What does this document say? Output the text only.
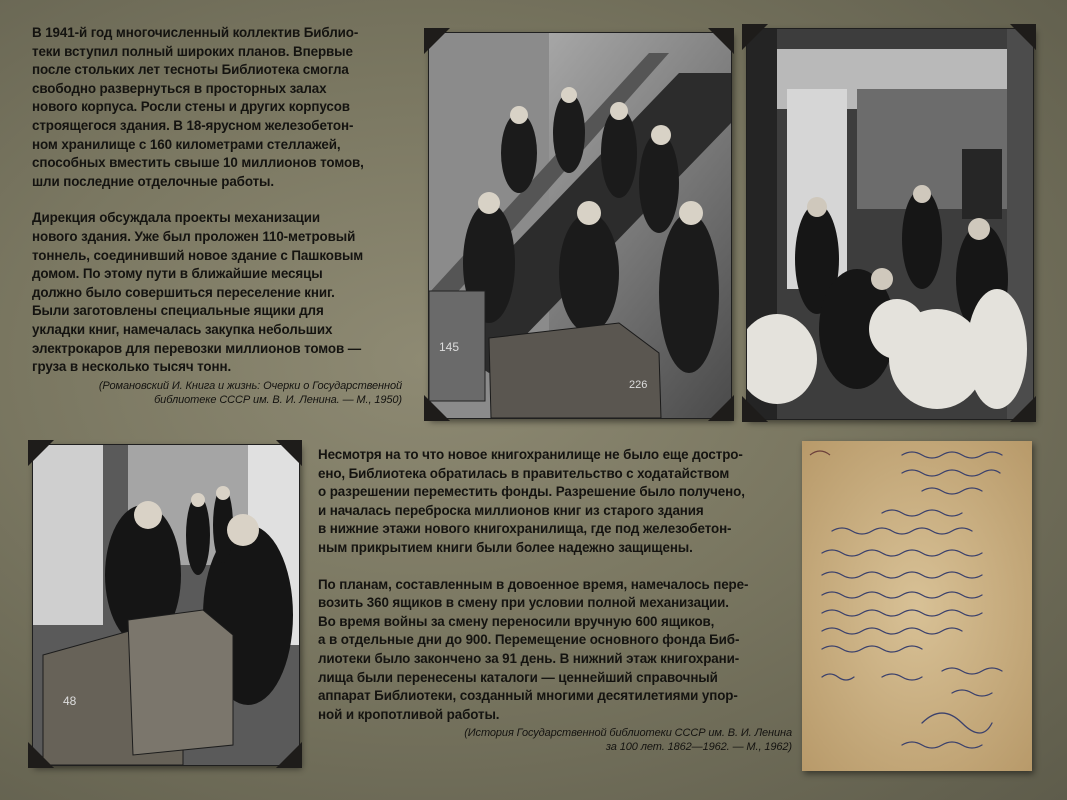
В 1941-й год многочисленный коллектив Библио-
теки вступил полный широких планов. Впервые
после стольких лет тесноты Библиотека смогла
свободно развернуться в просторных залах
нового корпуса. Росли стены и других корпусов
строящегося здания. В 18-ярусном железобетон-
ном хранилище с 160 километрами стеллажей,
способных вместить свыше 10 миллионов томов,
шли последние отделочные работы.

Дирекция обсуждала проекты механизации
нового здания. Уже был проложен 110-метровый
тоннель, соединивший новое здание с Пашковым
домом. По этому пути в ближайшие месяцы
должно было совершиться переселение книг.
Были заготовлены специальные ящики для
укладки книг, намечалась закупка небольших
электрокаров для перевозки миллионов томов —
груза в несколько тысяч тонн.

(Романовский И. Книга и жизнь: Очерки о Государственной
библиотеке СССР им. В. И. Ленина. — М., 1950)

Несмотря на то что новое книгохранилище не было еще достро-
ено, Библиотека обратилась в правительство с ходатайством
о разрешении переместить фонды. Разрешение было получено,
и началась переброска миллионов книг из старого здания
в нижние этажи нового книгохранилища, где под железобетон-
ным прикрытием книги были более надежно защищены.

По планам, составленным в довоенное время, намечалось пере-
возить 360 ящиков в смену при условии полной механизации.
Во время войны за смену переносили вручную 600 ящиков,
а в отдельные дни до 900. Перемещение основного фонда Биб-
лиотеки было закончено за 91 день. В нижний этаж книгохрани-
лища были перенесены каталоги — ценнейший справочный
аппарат Библиотеки, созданный многими десятилетиями упор-
ной и кропотливой работы.

(История Государственной библиотеки СССР им. В. И. Ленина
за 100 лет. 1862—1962. — М., 1962)
145
226
48
